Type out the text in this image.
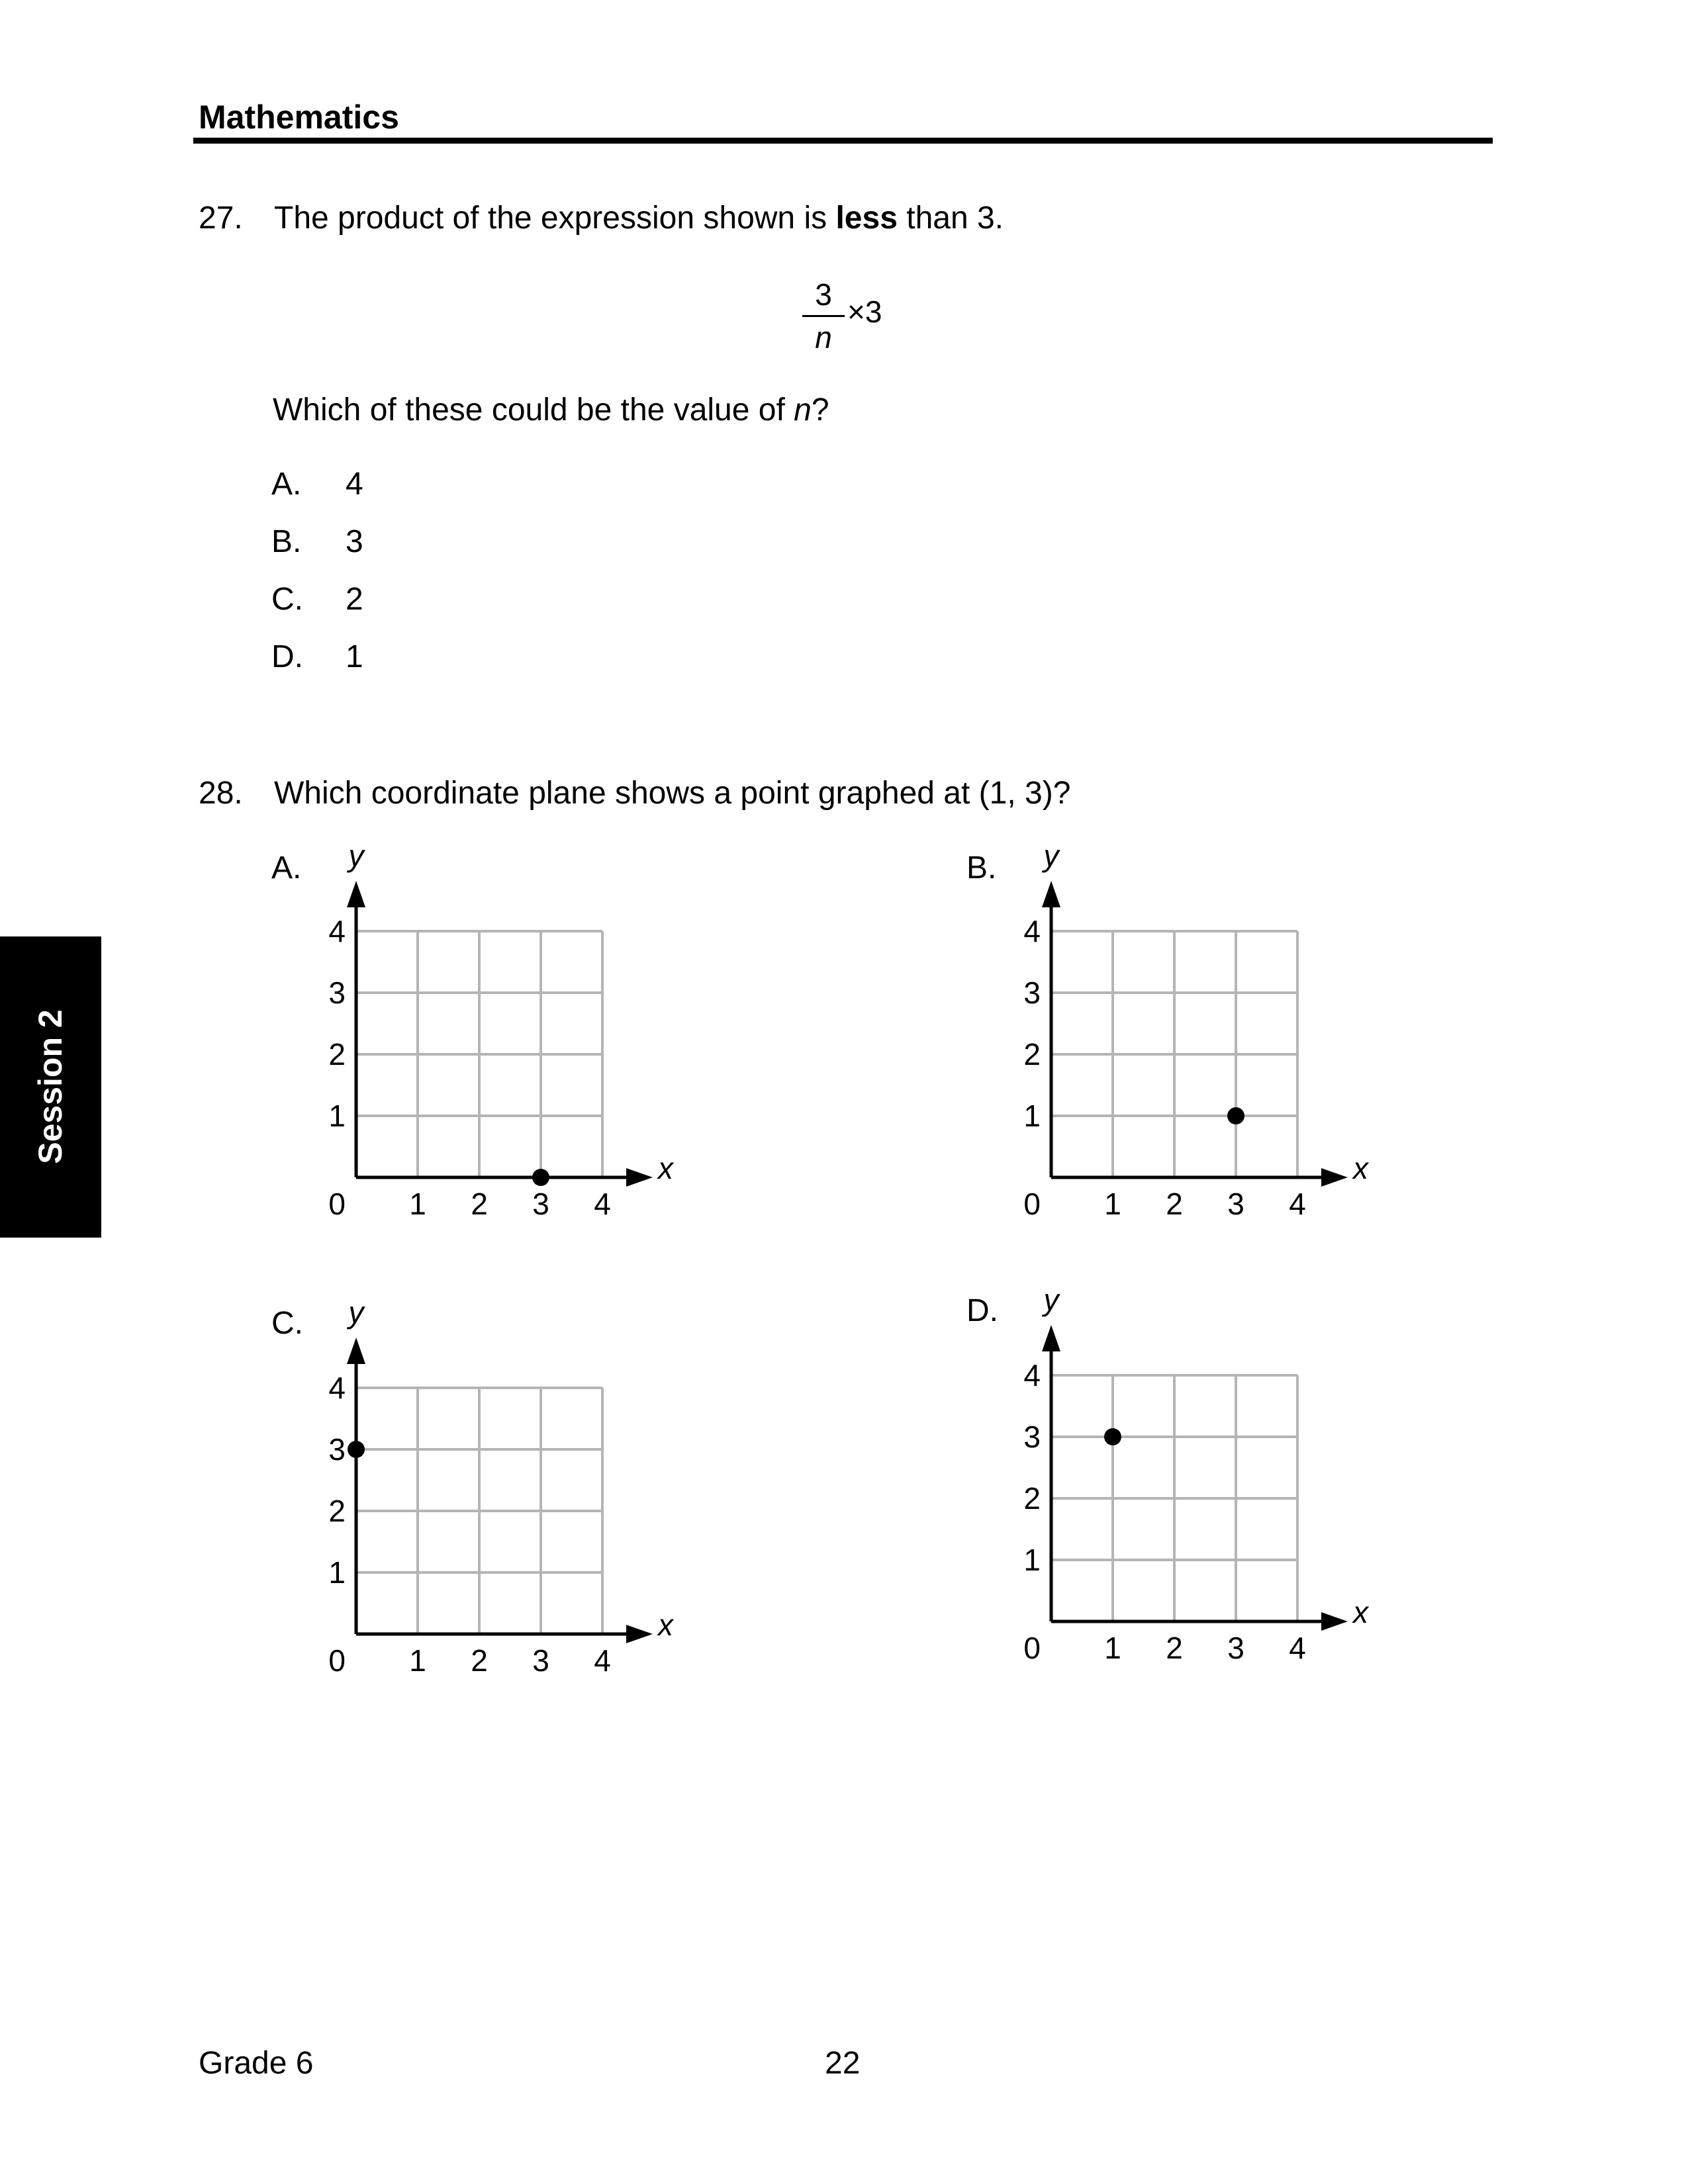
Mathematics
27. The product of the expression shown is less than 3.
3
n
×3
Which of these could be the value of n?
A. 4
B. 3
C. 2
D. 1
28. Which coordinate plane shows a point graphed at (1, 3)?
A.	B.
C.	D.
1 2 3 4
1
2
3
4
0
x
y
1 2 3 4
1
2
3
4
0
x
y
1 2 3 4
1
2
3
4
0
x
y
1 2 3 4
1
2
3
4
0
x
y
Session 2
Grade 6	22
